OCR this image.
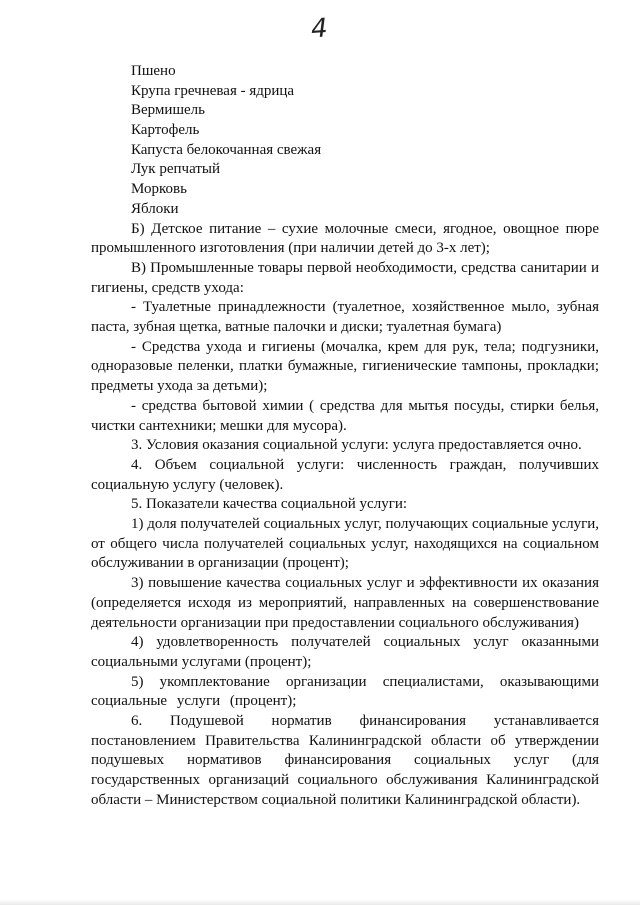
4
Пшено
Крупа гречневая - ядрица
Вермишель
Картофель
Капуста белокочанная свежая
Лук репчатый
Морковь
Яблоки

Б) Детское питание – сухие молочные смеси, ягодное, овощное пюре промышленного изготовления (при наличии детей до 3-х лет);

В) Промышленные товары первой необходимости, средства санитарии и гигиены, средств ухода:

- Туалетные принадлежности (туалетное, хозяйственное мыло, зубная паста, зубная щетка, ватные палочки и диски; туалетная бумага)

- Средства ухода и гигиены (мочалка, крем для рук, тела; подгузники, одноразовые пеленки, платки бумажные, гигиенические тампоны, прокладки; предметы ухода за детьми);

- средства бытовой химии ( средства для мытья посуды, стирки белья, чистки сантехники; мешки для мусора).

3. Условия оказания социальной услуги: услуга предоставляется очно.

4. Объем социальной услуги: численность граждан, получивших социальную услугу (человек).

5. Показатели качества социальной услуги:

1) доля получателей социальных услуг, получающих социальные услуги, от общего числа получателей социальных услуг, находящихся на социальном обслуживании в организации (процент);

3) повышение качества социальных услуг и эффективности их оказания (определяется исходя из мероприятий, направленных на совершенствование деятельности организации при предоставлении социального обслуживания)

4) удовлетворенность получателей социальных услуг оказанными социальными услугами (процент);

5) укомплектование организации специалистами, оказывающими социальные услуги (процент);

6. Подушевой норматив финансирования устанавливается постановлением Правительства Калининградской области об утверждении подушевых нормативов финансирования социальных услуг (для государственных организаций социального обслуживания Калининградской области – Министерством социальной политики Калининградской области).
